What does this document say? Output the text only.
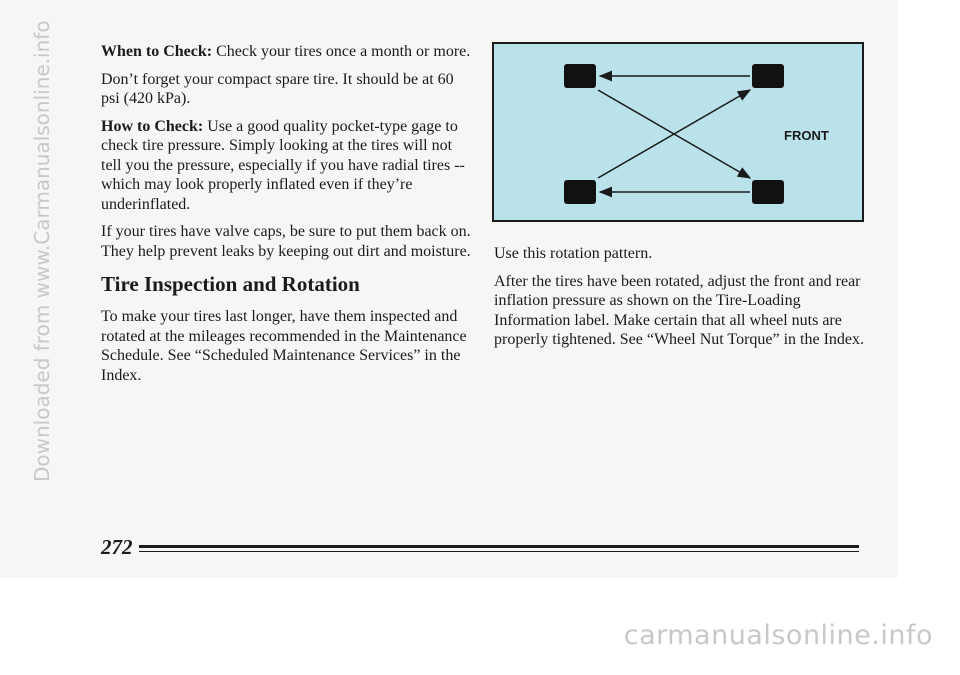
When to Check: Check your tires once a month or more.

Don’t forget your compact spare tire. It should be at 60 psi (420 kPa).

How to Check: Use a good quality pocket-type gage to check tire pressure. Simply looking at the tires will not tell you the pressure, especially if you have radial tires -- which may look properly inflated even if they’re underinflated.

If your tires have valve caps, be sure to put them back on. They help prevent leaks by keeping out dirt and moisture.

Tire Inspection and Rotation

To make your tires last longer, have them inspected and rotated at the mileages recommended in the Maintenance Schedule. See “Scheduled Maintenance Services” in the Index.

FRONT

Use this rotation pattern.

After the tires have been rotated, adjust the front and rear inflation pressure as shown on the Tire-Loading Information label. Make certain that all wheel nuts are properly tightened. See “Wheel Nut Torque” in the Index.

272
Downloaded from www.Carmanualsonline.info
carmanualsonline.info
